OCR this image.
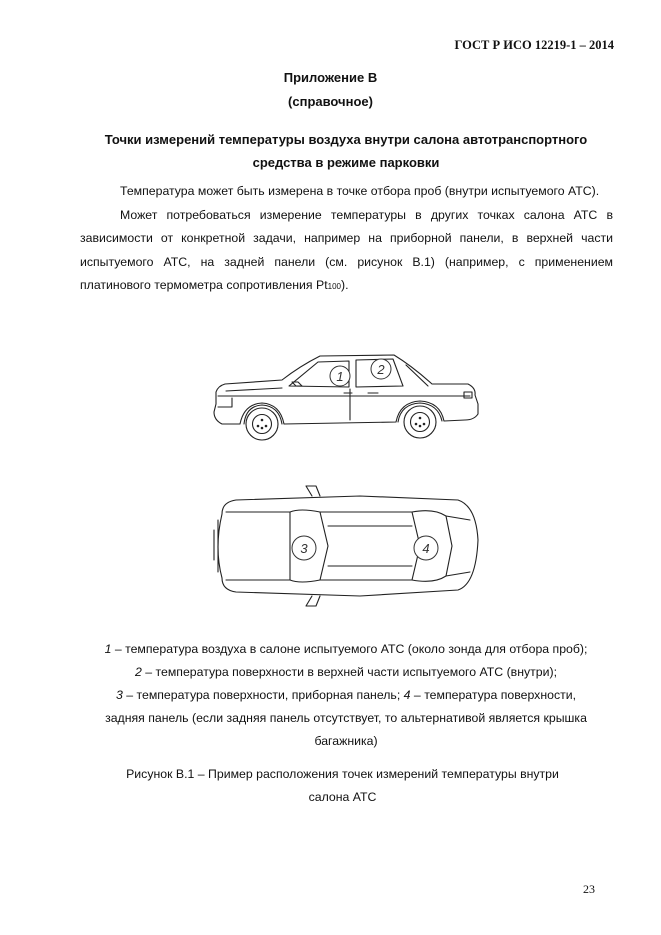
ГОСТ Р ИСО 12219-1 – 2014
Приложение В
(справочное)
Точки измерений температуры воздуха внутри салона автотранспортного
средства в режиме парковки

Температура может быть измерена в точке отбора проб (внутри испытуемого АТС).

Может потребоваться измерение температуры в других точках салона АТС в зависимости от конкретной задачи, например на приборной панели, в верхней части испытуемого АТС, на задней панели (см. рисунок В.1) (например, с применением платинового термометра сопротивления Pt100).

1	2
3	4
1 – температура воздуха в салоне испытуемого АТС (около зонда для отбора проб);
2 – температура поверхности в верхней части испытуемого АТС (внутри);
3 – температура поверхности, приборная панель; 4 – температура поверхности,
задняя панель (если задняя панель отсутствует, то альтернативой является крышка
багажника)
Рисунок В.1 – Пример расположения точек измерений температуры внутри
салона АТС
23
